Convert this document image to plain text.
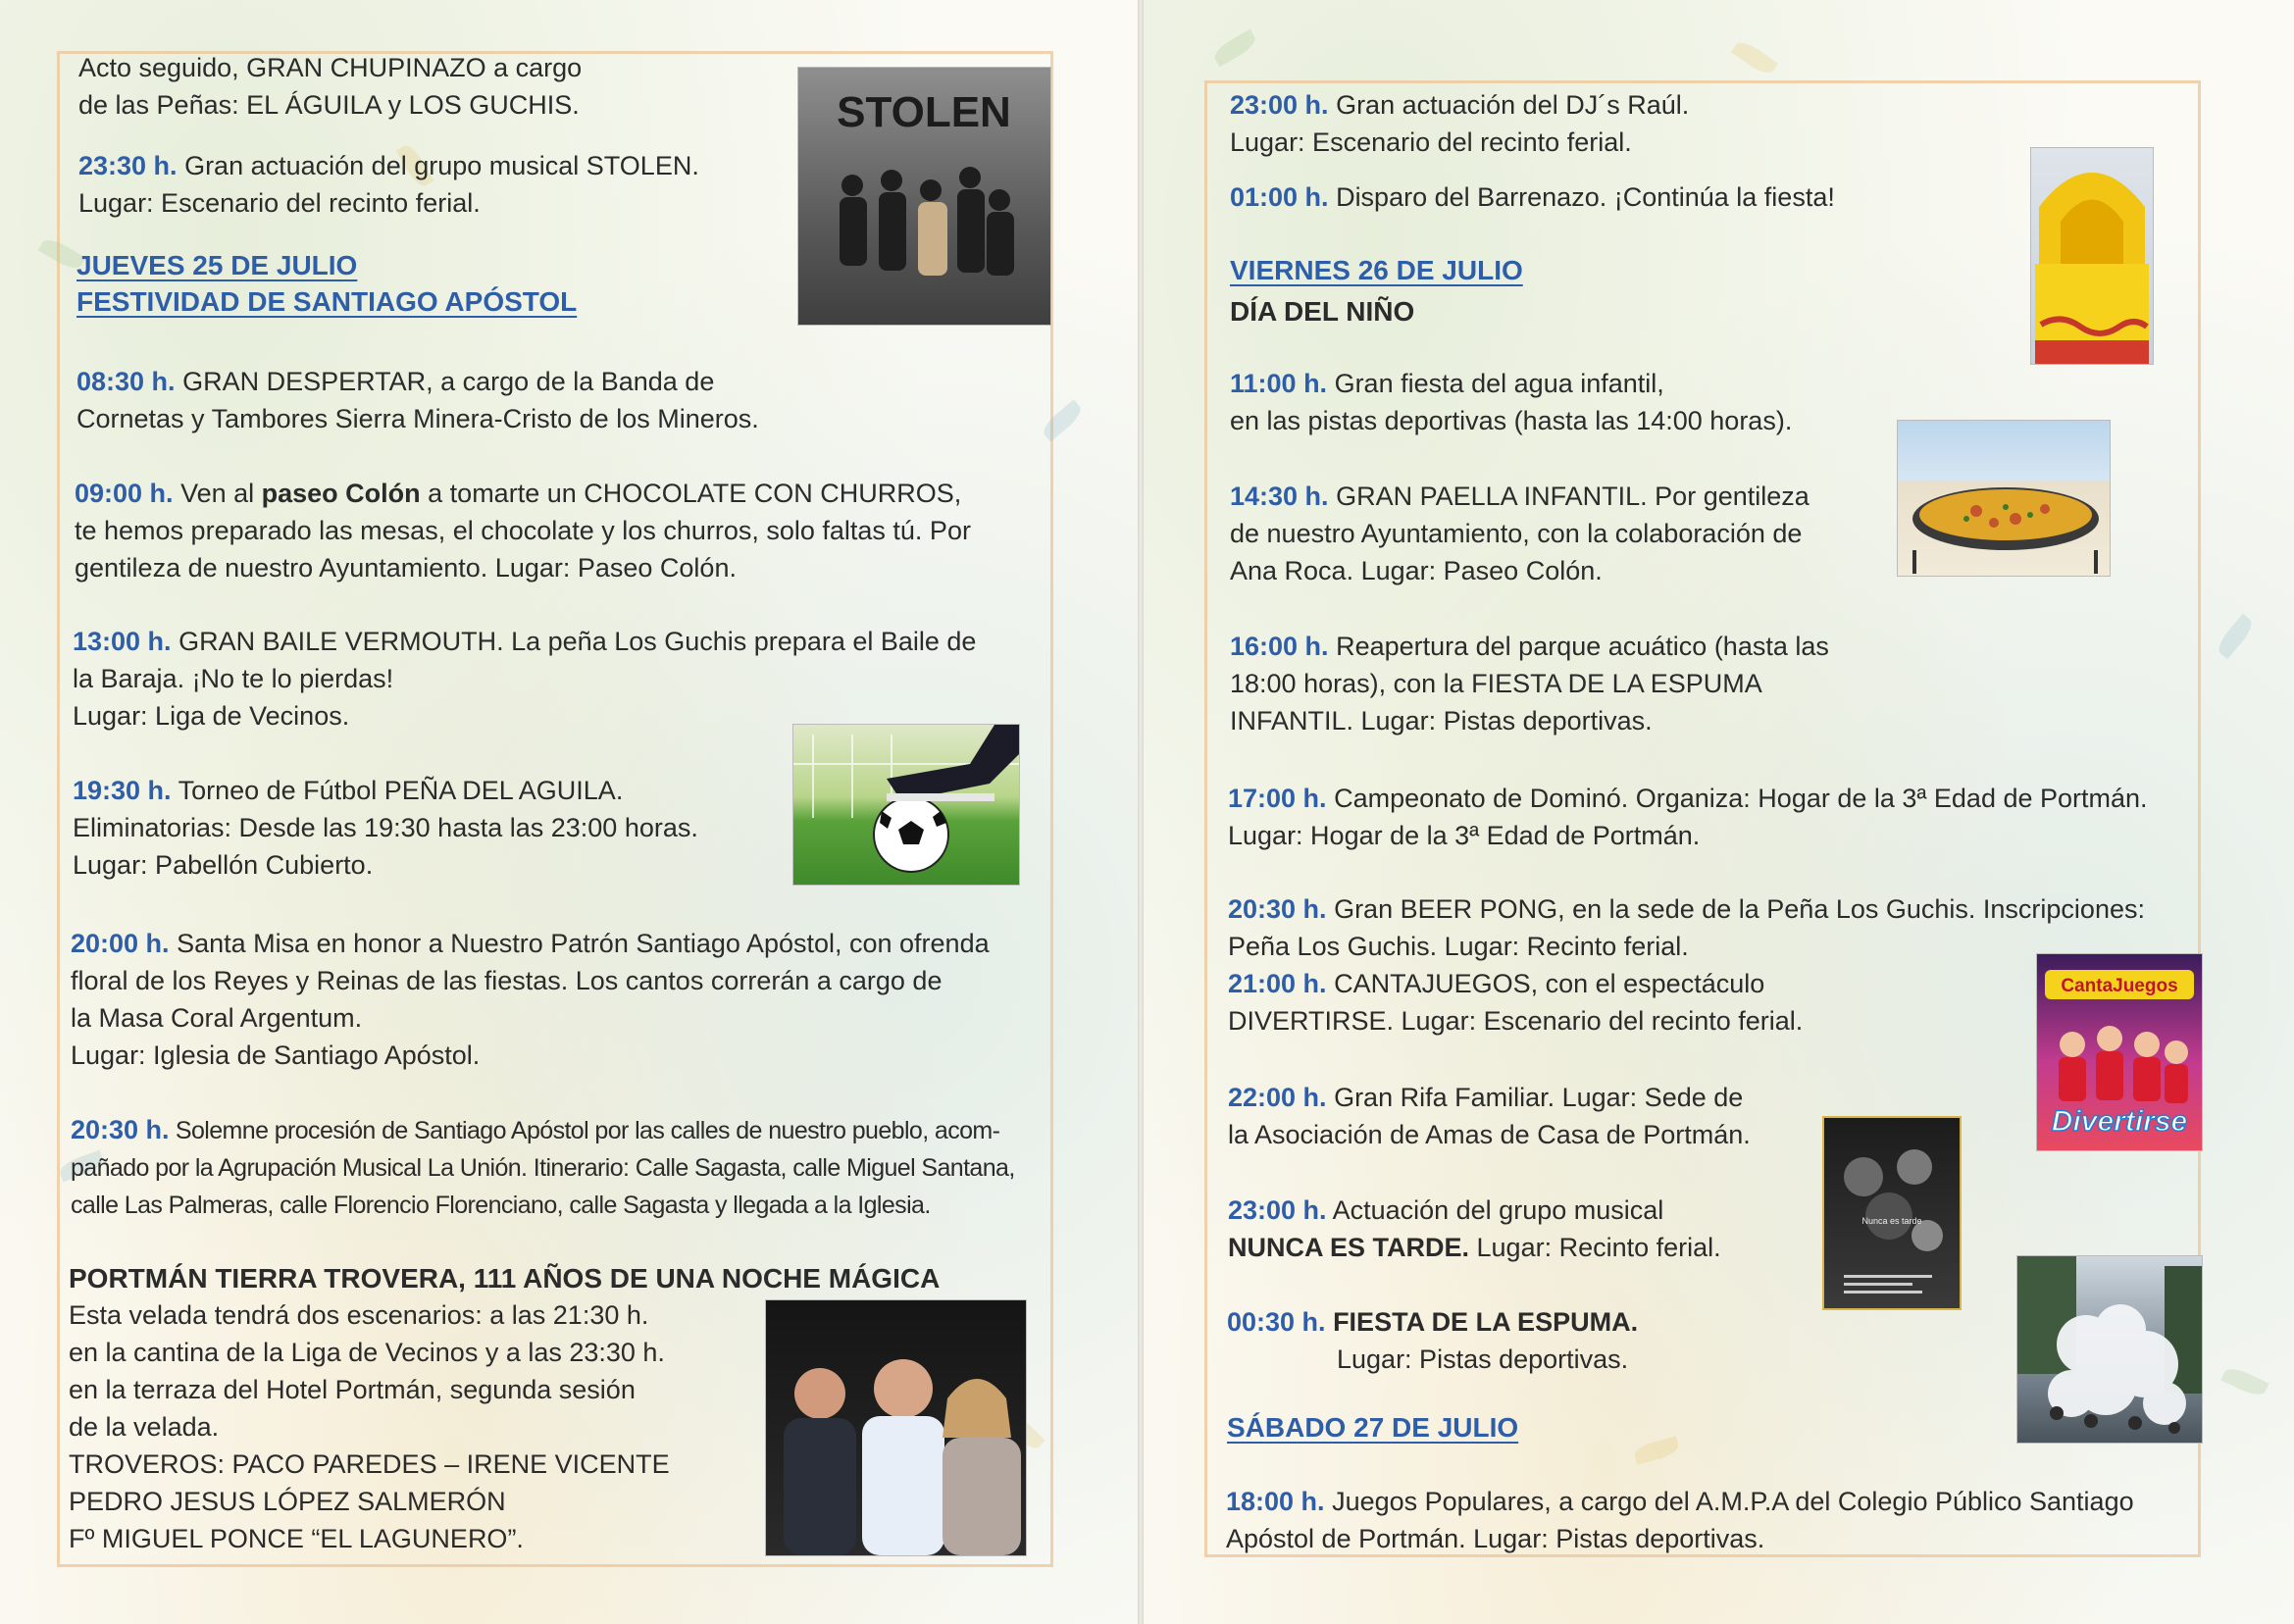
Acto seguido, GRAN CHUPINAZO a cargo

de las Peñas: EL ÁGUILA y LOS GUCHIS.	STOLEN

23:30 h. Gran actuación del grupo musical STOLEN.

Lugar: Escenario del recinto ferial.

JUEVES 25 DE JULIO
FESTIVIDAD DE SANTIAGO APÓSTOL

08:30 h. GRAN DESPERTAR, a cargo de la Banda de

Cornetas y Tambores Sierra Minera-Cristo de los Mineros.

09:00 h. Ven al paseo Colón a tomarte un CHOCOLATE CON CHURROS,

te hemos preparado las mesas, el chocolate y los churros, solo faltas tú. Por

gentileza de nuestro Ayuntamiento. Lugar: Paseo Colón.

13:00 h. GRAN BAILE VERMOUTH. La peña Los Guchis prepara el Baile de

la Baraja. ¡No te lo pierdas!

Lugar: Liga de Vecinos.

19:30 h. Torneo de Fútbol PEÑA DEL AGUILA.

Eliminatorias: Desde las 19:30 hasta las 23:00 horas.

Lugar: Pabellón Cubierto.

20:00 h. Santa Misa en honor a Nuestro Patrón Santiago Apóstol, con ofrenda

floral de los Reyes y Reinas de las fiestas. Los cantos correrán a cargo de

la Masa Coral Argentum.

Lugar: Iglesia de Santiago Apóstol.

20:30 h. Solemne procesión de Santiago Apóstol por las calles de nuestro pueblo, acom-

pañado por la Agrupación Musical La Unión. Itinerario: Calle Sagasta, calle Miguel Santana,

calle Las Palmeras, calle Florencio Florenciano, calle Sagasta y llegada a la Iglesia.

PORTMÁN TIERRA TROVERA, 111 AÑOS DE UNA NOCHE MÁGICA

Esta velada tendrá dos escenarios: a las 21:30 h.

en la cantina de la Liga de Vecinos y a las 23:30 h.

en la terraza del Hotel Portmán, segunda sesión

de la velada.

TROVEROS: PACO PAREDES – IRENE VICENTE

PEDRO JESUS LÓPEZ SALMERÓN

Fº MIGUEL PONCE “EL LAGUNERO”.

23:00 h. Gran actuación del DJ´s Raúl.

Lugar: Escenario del recinto ferial.

01:00 h. Disparo del Barrenazo. ¡Continúa la fiesta!

VIERNES 26 DE JULIO
DÍA DEL NIÑO

11:00 h. Gran fiesta del agua infantil,

en las pistas deportivas (hasta las 14:00 horas).

14:30 h. GRAN PAELLA INFANTIL. Por gentileza

de nuestro Ayuntamiento, con la colaboración de

Ana Roca. Lugar: Paseo Colón.

16:00 h. Reapertura del parque acuático (hasta las

18:00 horas), con la FIESTA DE LA ESPUMA

INFANTIL. Lugar: Pistas deportivas.

17:00 h. Campeonato de Dominó. Organiza: Hogar de la 3ª Edad de Portmán.

Lugar: Hogar de la 3ª Edad de Portmán.

20:30 h. Gran BEER PONG, en la sede de la Peña Los Guchis. Inscripciones:

Peña Los Guchis. Lugar: Recinto ferial.

21:00 h. CANTAJUEGOS, con el espectáculo

DIVERTIRSE. Lugar: Escenario del recinto ferial.

CantaJuegos
Divertirse

22:00 h. Gran Rifa Familiar. Lugar: Sede de

la Asociación de Amas de Casa de Portmán.

Nunca es tarde

23:00 h. Actuación del grupo musical

NUNCA ES TARDE. Lugar: Recinto ferial.

00:30 h. FIESTA DE LA ESPUMA.

Lugar: Pistas deportivas.

SÁBADO 27 DE JULIO

18:00 h. Juegos Populares, a cargo del A.M.P.A del Colegio Público Santiago

Apóstol de Portmán. Lugar: Pistas deportivas.
